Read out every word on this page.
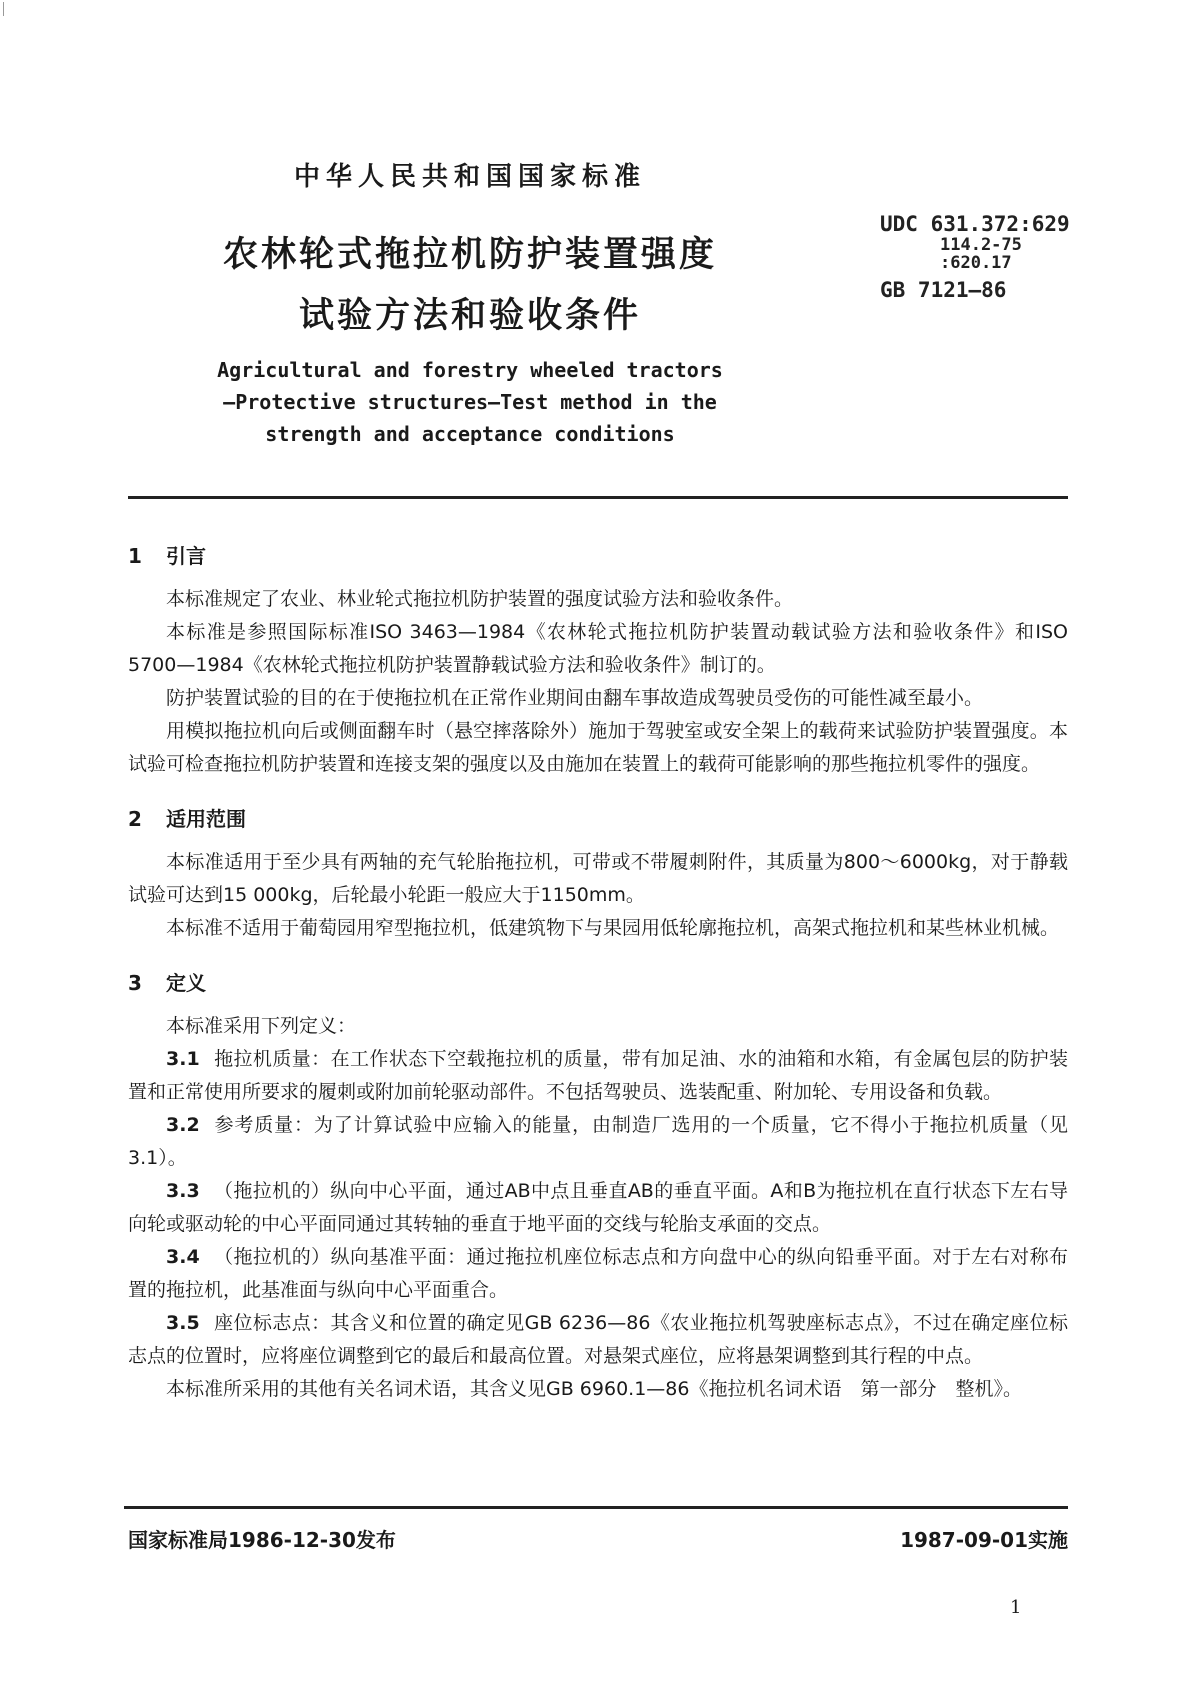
中华人民共和国国家标准
农林轮式拖拉机防护装置强度
试验方法和验收条件
UDC 631.372:629
114.2-75
:620.17
GB 7121—86
Agricultural and forestry wheeled tractors
—Protective structures—Test method in the
strength and acceptance conditions
1 引言

本标准规定了农业、林业轮式拖拉机防护装置的强度试验方法和验收条件。

本标准是参照国际标准ISO 3463—1984《农林轮式拖拉机防护装置动载试验方法和验收条件》和ISO 5700—1984《农林轮式拖拉机防护装置静载试验方法和验收条件》制订的。

防护装置试验的目的在于使拖拉机在正常作业期间由翻车事故造成驾驶员受伤的可能性减至最小。

用模拟拖拉机向后或侧面翻车时（悬空摔落除外）施加于驾驶室或安全架上的载荷来试验防护装置强度。本试验可检查拖拉机防护装置和连接支架的强度以及由施加在装置上的载荷可能影响的那些拖拉机零件的强度。

2 适用范围

本标准适用于至少具有两轴的充气轮胎拖拉机，可带或不带履刺附件，其质量为800～6000kg，对于静载试验可达到15 000kg，后轮最小轮距一般应大于1150mm。

本标准不适用于葡萄园用窄型拖拉机，低建筑物下与果园用低轮廓拖拉机，高架式拖拉机和某些林业机械。

3 定义

本标准采用下列定义：

3.1 拖拉机质量：在工作状态下空载拖拉机的质量，带有加足油、水的油箱和水箱，有金属包层的防护装置和正常使用所要求的履刺或附加前轮驱动部件。不包括驾驶员、选装配重、附加轮、专用设备和负载。

3.2 参考质量：为了计算试验中应输入的能量，由制造厂选用的一个质量，它不得小于拖拉机质量（见3.1）。

3.3 （拖拉机的）纵向中心平面，通过AB中点且垂直AB的垂直平面。A和B为拖拉机在直行状态下左右导向轮或驱动轮的中心平面同通过其转轴的垂直于地平面的交线与轮胎支承面的交点。

3.4 （拖拉机的）纵向基准平面：通过拖拉机座位标志点和方向盘中心的纵向铅垂平面。对于左右对称布置的拖拉机，此基准面与纵向中心平面重合。

3.5 座位标志点：其含义和位置的确定见GB 6236—86《农业拖拉机驾驶座标志点》，不过在确定座位标志点的位置时，应将座位调整到它的最后和最高位置。对悬架式座位，应将悬架调整到其行程的中点。

本标准所采用的其他有关名词术语，其含义见GB 6960.1—86《拖拉机名词术语　第一部分　整机》。

国家标准局1986-12-30发布	1987-09-01实施
1
